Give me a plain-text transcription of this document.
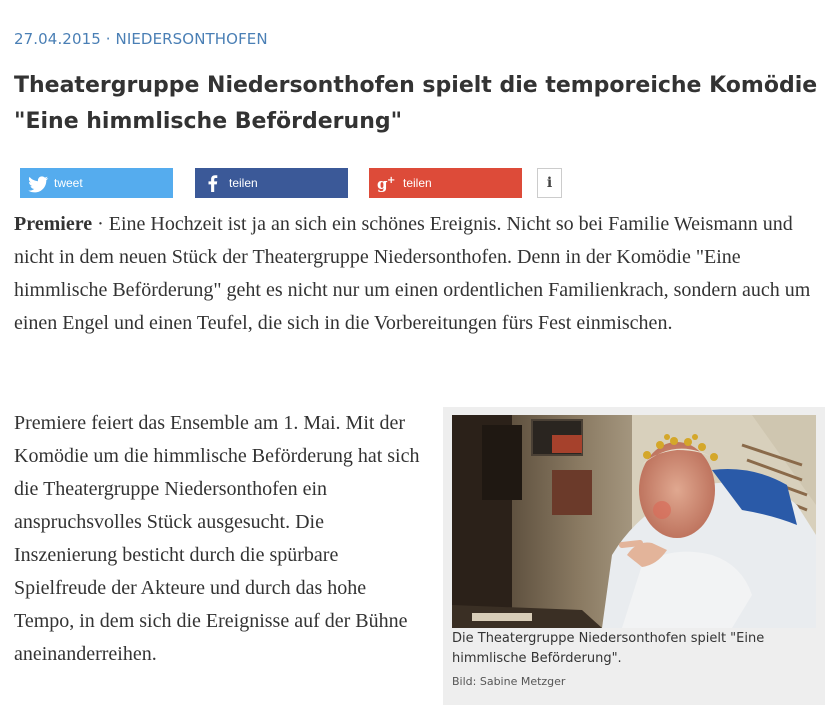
27.04.2015 · NIEDERSONTHOFEN
Theatergruppe Niedersonthofen spielt die temporeiche Komödie "Eine himmlische Beförderung"
tweet	teilen	g + teilen	i

Premiere · Eine Hochzeit ist ja an sich ein schönes Ereignis. Nicht so bei Familie Weismann und nicht in dem neuen Stück der Theatergruppe Niedersonthofen. Denn in der Komödie "Eine himmlische Beförderung" geht es nicht nur um einen ordentlichen Familienkrach, sondern auch um einen Engel und einen Teufel, die sich in die Vorbereitungen fürs Fest einmischen.

Premiere feiert das Ensemble am 1. Mai. Mit der Komödie um die himmlische Beförderung hat sich die Theatergruppe Niedersonthofen ein anspruchsvolles Stück ausgesucht. Die Inszenierung besticht durch die spürbare Spielfreude der Akteure und durch das hohe Tempo, in dem sich die Ereignisse auf der Bühne aneinanderreihen.

Die Theatergruppe Niedersonthofen spielt "Eine himmlische Beförderung".
Bild: Sabine Metzger
